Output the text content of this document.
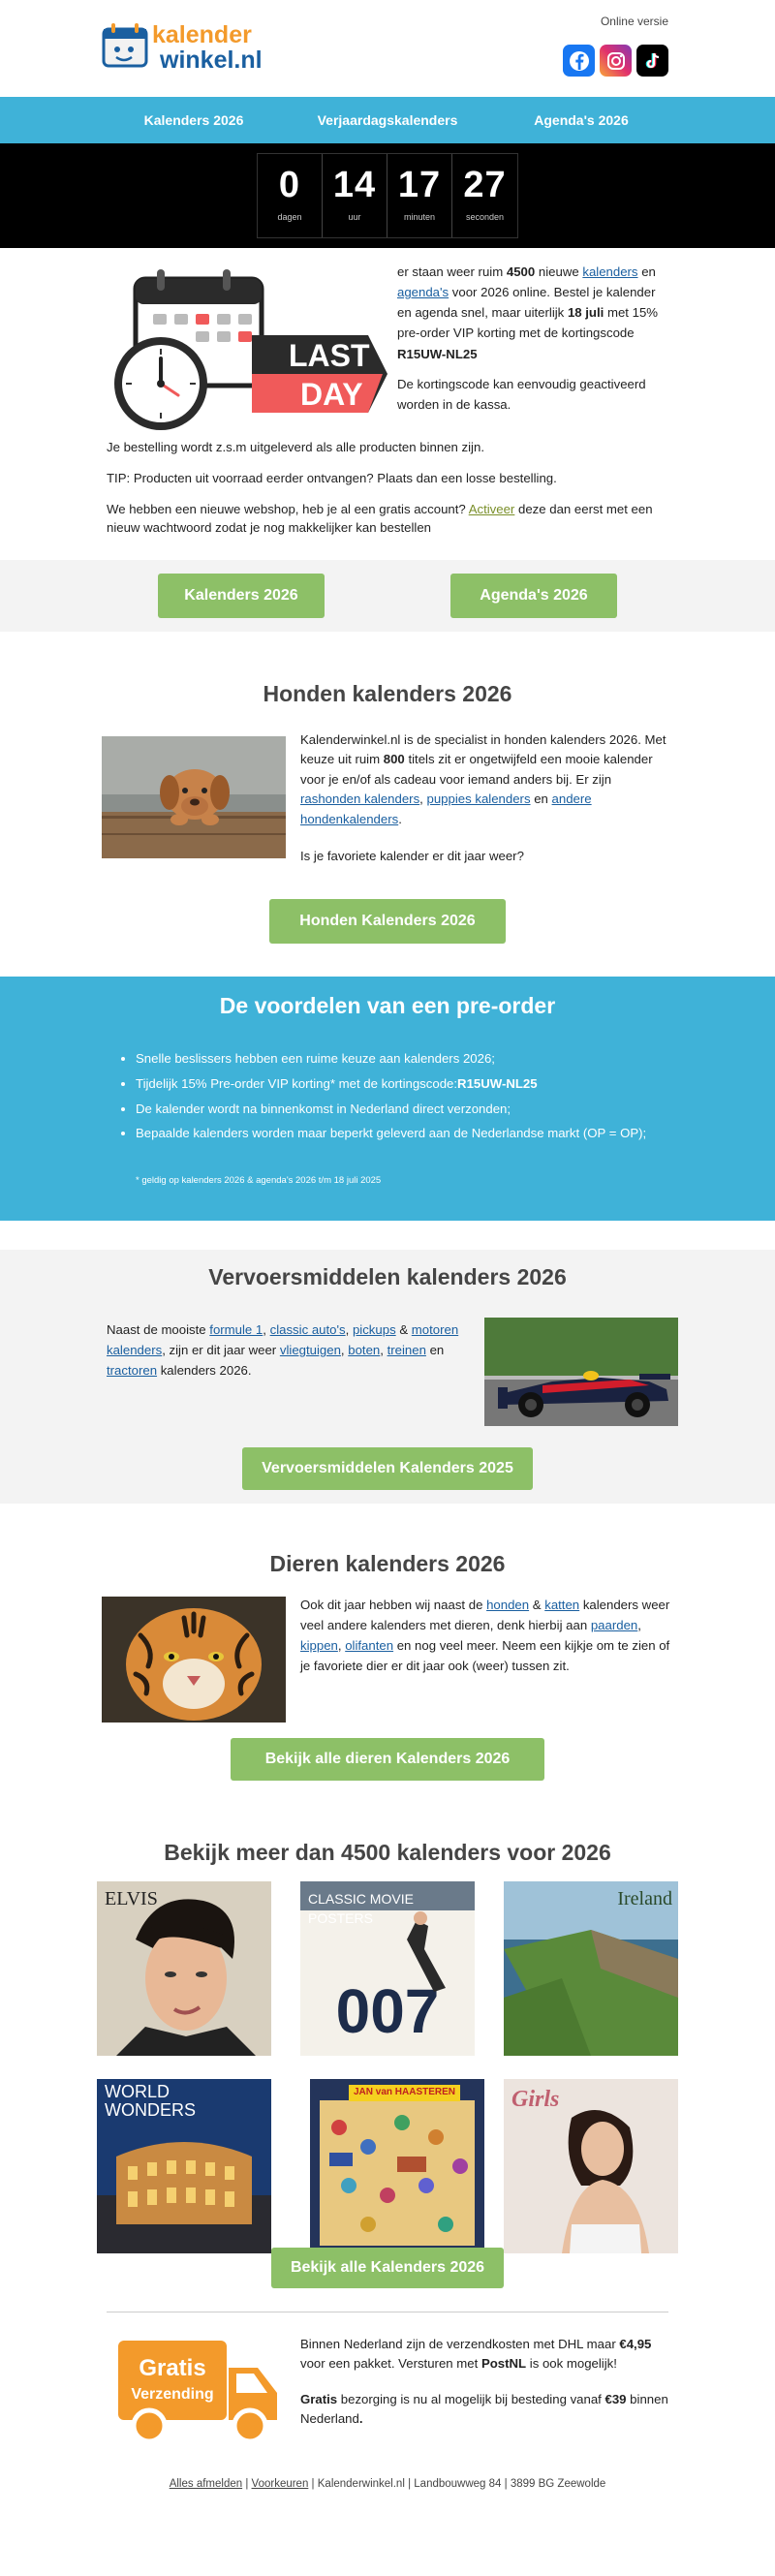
kalender
winkel.nl
Online versie
Kalenders 2026	Verjaardagskalenders	Agenda's 2026
0
dagen
14
uur
17
minuten
27
seconden
LAST
DAY

er staan weer ruim 4500 nieuwe kalenders en agenda's voor 2026 online. Bestel je kalender en agenda snel, maar uiterlijk 18 juli met 15% pre-order VIP korting met de kortingscode R15UW-NL25

De kortingscode kan eenvoudig geactiveerd worden in de kassa.

Je bestelling wordt z.s.m uitgeleverd als alle producten binnen zijn.

TIP: Producten uit voorraad eerder ontvangen? Plaats dan een losse bestelling.

We hebben een nieuwe webshop, heb je al een gratis account? Activeer deze dan eerst met een nieuw wachtwoord zodat je nog makkelijker kan bestellen

Kalenders 2026	Agenda's 2026
Honden kalenders 2026

Kalenderwinkel.nl is de specialist in honden kalenders 2026. Met keuze uit ruim 800 titels zit er ongetwijfeld een mooie kalender voor je en/of als cadeau voor iemand anders bij. Er zijn rashonden kalenders, puppies kalenders en andere hondenkalenders.

Is je favoriete kalender er dit jaar weer?

Honden Kalenders 2026
De voordelen van een pre-order
• Snelle beslissers hebben een ruime keuze aan kalenders 2026;
• Tijdelijk 15% Pre-order VIP korting* met de kortingscode:R15UW-NL25
• De kalender wordt na binnenkomst in Nederland direct verzonden;
• Bepaalde kalenders worden maar beperkt geleverd aan de Nederlandse markt (OP = OP);
* geldig op kalenders 2026 & agenda's 2026 t/m 18 juli 2025
Vervoersmiddelen kalenders 2026
Naast de mooiste formule 1, classic auto's, pickups & motoren kalenders, zijn er dit jaar weer vliegtuigen, boten, treinen en tractoren kalenders 2026.
Vervoersmiddelen Kalenders 2025
Dieren kalenders 2026
Ook dit jaar hebben wij naast de honden & katten kalenders weer veel andere kalenders met dieren, denk hierbij aan paarden, kippen, olifanten en nog veel meer. Neem een kijkje om te zien of je favoriete dier er dit jaar ook (weer) tussen zit.
Bekijk alle dieren Kalenders 2026
Bekijk meer dan 4500 kalenders voor 2026
ELVIS
007
CLASSIC MOVIE POSTERS
Ireland
WORLD WONDERS
JAN van HAASTEREN Girls
Bekijk alle Kalenders 2026
Gratis
Verzending

Binnen Nederland zijn de verzendkosten met DHL maar €4,95 voor een pakket. Versturen met PostNL is ook mogelijk!

Gratis bezorging is nu al mogelijk bij besteding vanaf €39 binnen Nederland.

Alles afmelden | Voorkeuren | Kalenderwinkel.nl | Landbouwweg 84 | 3899 BG Zeewolde
